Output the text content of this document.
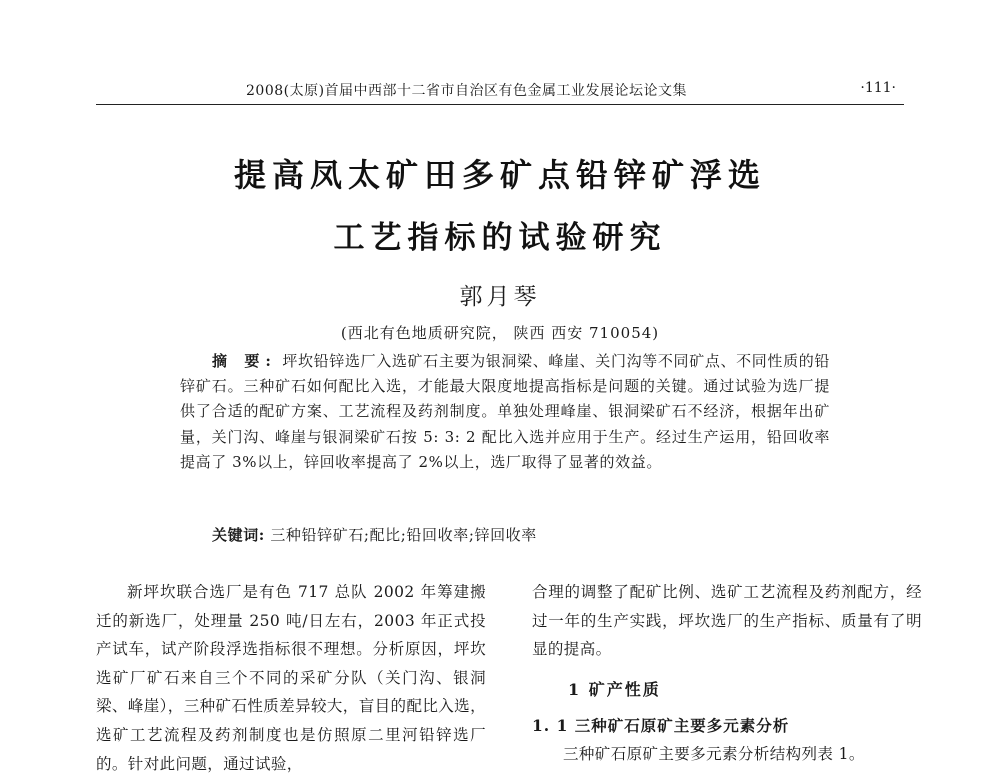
2008(太原)首届中西部十二省市自治区有色金属工业发展论坛论文集	·111·
提高凤太矿田多矿点铅锌矿浮选
工艺指标的试验研究
郭月琴
(西北有色地质研究院， 陕西 西安 710054)
摘 要: 坪坎铅锌选厂入选矿石主要为银洞梁、峰崖、关门沟等不同矿点、不同性质的铅锌矿石。三种矿石如何配比入选，才能最大限度地提高指标是问题的关键。通过试验为选厂提供了合适的配矿方案、工艺流程及药剂制度。单独处理峰崖、银洞梁矿石不经济，根据年出矿量，关门沟、峰崖与银洞梁矿石按 5: 3: 2 配比入选并应用于生产。经过生产运用，铅回收率提高了 3%以上，锌回收率提高了 2%以上，选厂取得了显著的效益。
关键词: 三种铅锌矿石;配比;铅回收率;锌回收率

新坪坎联合选厂是有色 717 总队 2002 年筹建搬迁的新选厂，处理量 250 吨/日左右，2003 年正式投产试车，试产阶段浮选指标很不理想。分析原因，坪坎选矿厂矿石来自三个不同的采矿分队（关门沟、银洞梁、峰崖），三种矿石性质差异较大，盲目的配比入选，选矿工艺流程及药剂制度也是仿照原二里河铅锌选厂的。针对此问题，通过试验，

合理的调整了配矿比例、选矿工艺流程及药剂配方，经过一年的生产实践，坪坎选厂的生产指标、质量有了明显的提高。

1 矿产性质
1. 1 三种矿石原矿主要多元素分析

三种矿石原矿主要多元素分析结构列表 1。
